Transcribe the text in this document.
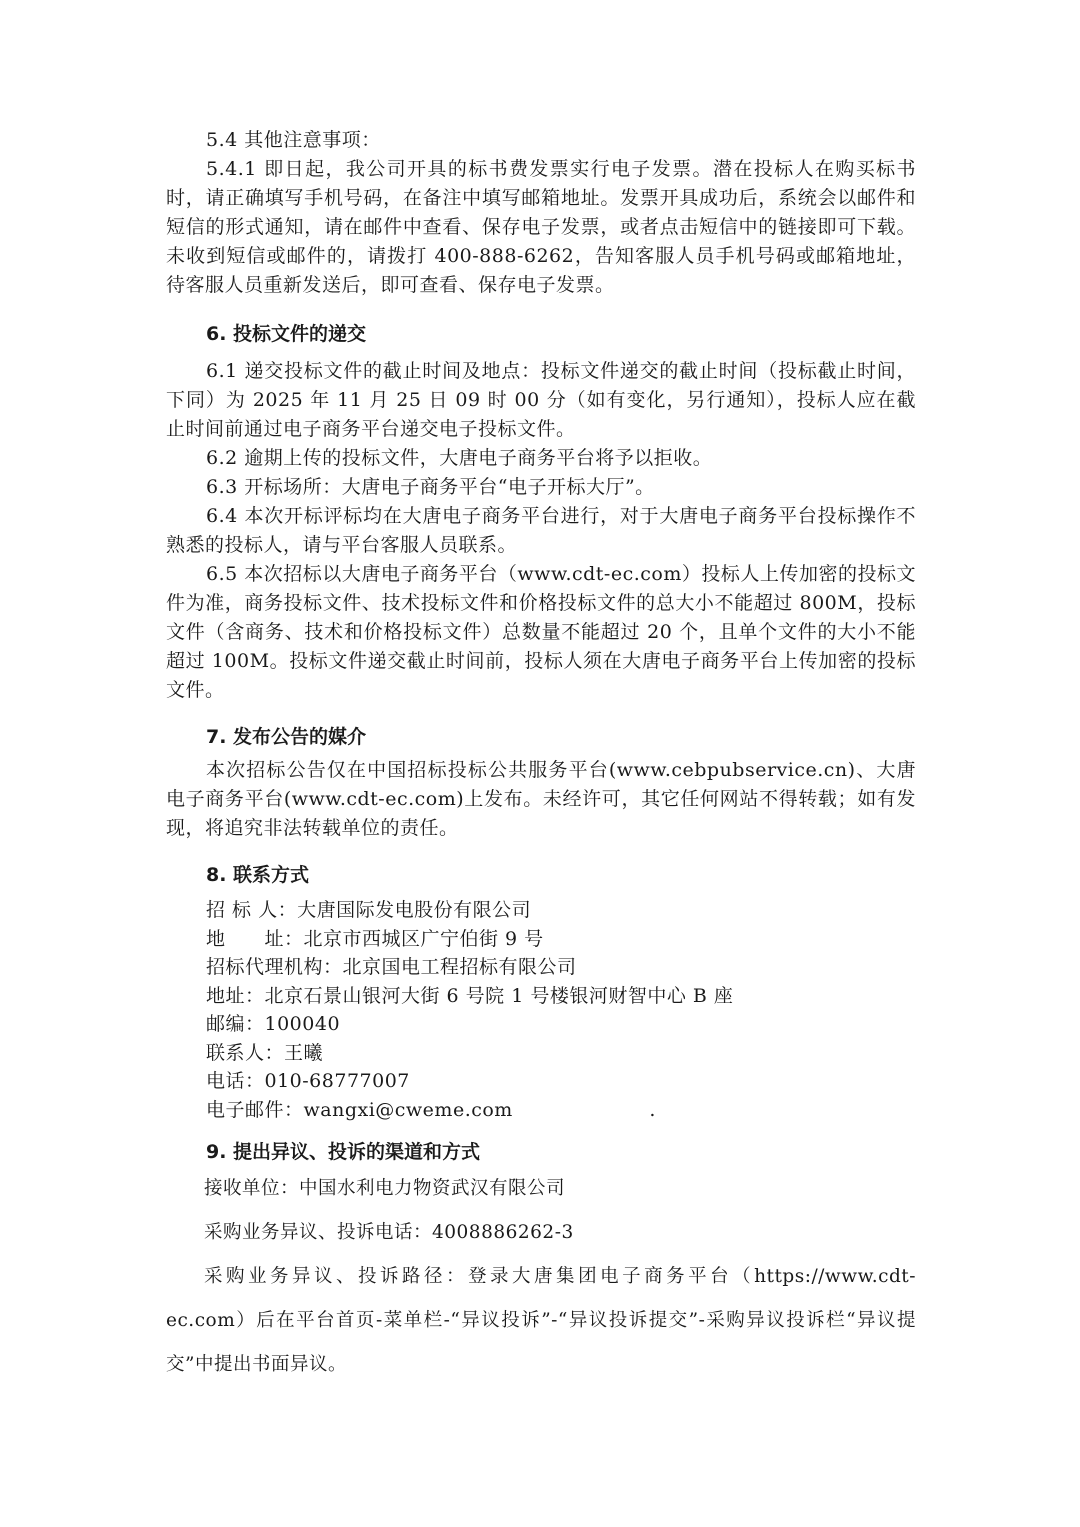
5.4 其他注意事项：

5.4.1 即日起，我公司开具的标书费发票实行电子发票。潜在投标人在购买标书时，请正确填写手机号码，在备注中填写邮箱地址。发票开具成功后，系统会以邮件和短信的形式通知，请在邮件中查看、保存电子发票，或者点击短信中的链接即可下载。未收到短信或邮件的，请拨打 400-888-6262，告知客服人员手机号码或邮箱地址，待客服人员重新发送后，即可查看、保存电子发票。

6. 投标文件的递交

6.1 递交投标文件的截止时间及地点：投标文件递交的截止时间（投标截止时间，下同）为 2025 年 11 月 25 日 09 时 00 分（如有变化，另行通知），投标人应在截止时间前通过电子商务平台递交电子投标文件。

6.2 逾期上传的投标文件，大唐电子商务平台将予以拒收。

6.3 开标场所：大唐电子商务平台“电子开标大厅”。

6.4 本次开标评标均在大唐电子商务平台进行，对于大唐电子商务平台投标操作不熟悉的投标人，请与平台客服人员联系。

6.5 本次招标以大唐电子商务平台（www.cdt-ec.com）投标人上传加密的投标文件为准，商务投标文件、技术投标文件和价格投标文件的总大小不能超过 800M，投标文件（含商务、技术和价格投标文件）总数量不能超过 20 个，且单个文件的大小不能超过 100M。投标文件递交截止时间前，投标人须在大唐电子商务平台上传加密的投标文件。

7. 发布公告的媒介

本次招标公告仅在中国招标投标公共服务平台(www.cebpubservice.cn)、大唐电子商务平台(www.cdt-ec.com)上发布。未经许可，其它任何网站不得转载；如有发现，将追究非法转载单位的责任。

8. 联系方式

招 标 人：大唐国际发电股份有限公司

地　　址：北京市西城区广宁伯街 9 号

招标代理机构：北京国电工程招标有限公司

地址：北京石景山银河大街 6 号院 1 号楼银河财智中心 B 座

邮编：100040

联系人：王曦

电话：010-68777007

电子邮件：wangxi@cweme.com　　　　　　　.

9. 提出异议、投诉的渠道和方式

接收单位：中国水利电力物资武汉有限公司

采购业务异议、投诉电话：4008886262-3

采购业务异议、投诉路径：登录大唐集团电子商务平台（https://www.cdt-ec.com）后在平台首页-菜单栏-“异议投诉”-“异议投诉提交”-采购异议投诉栏“异议提交”中提出书面异议。
